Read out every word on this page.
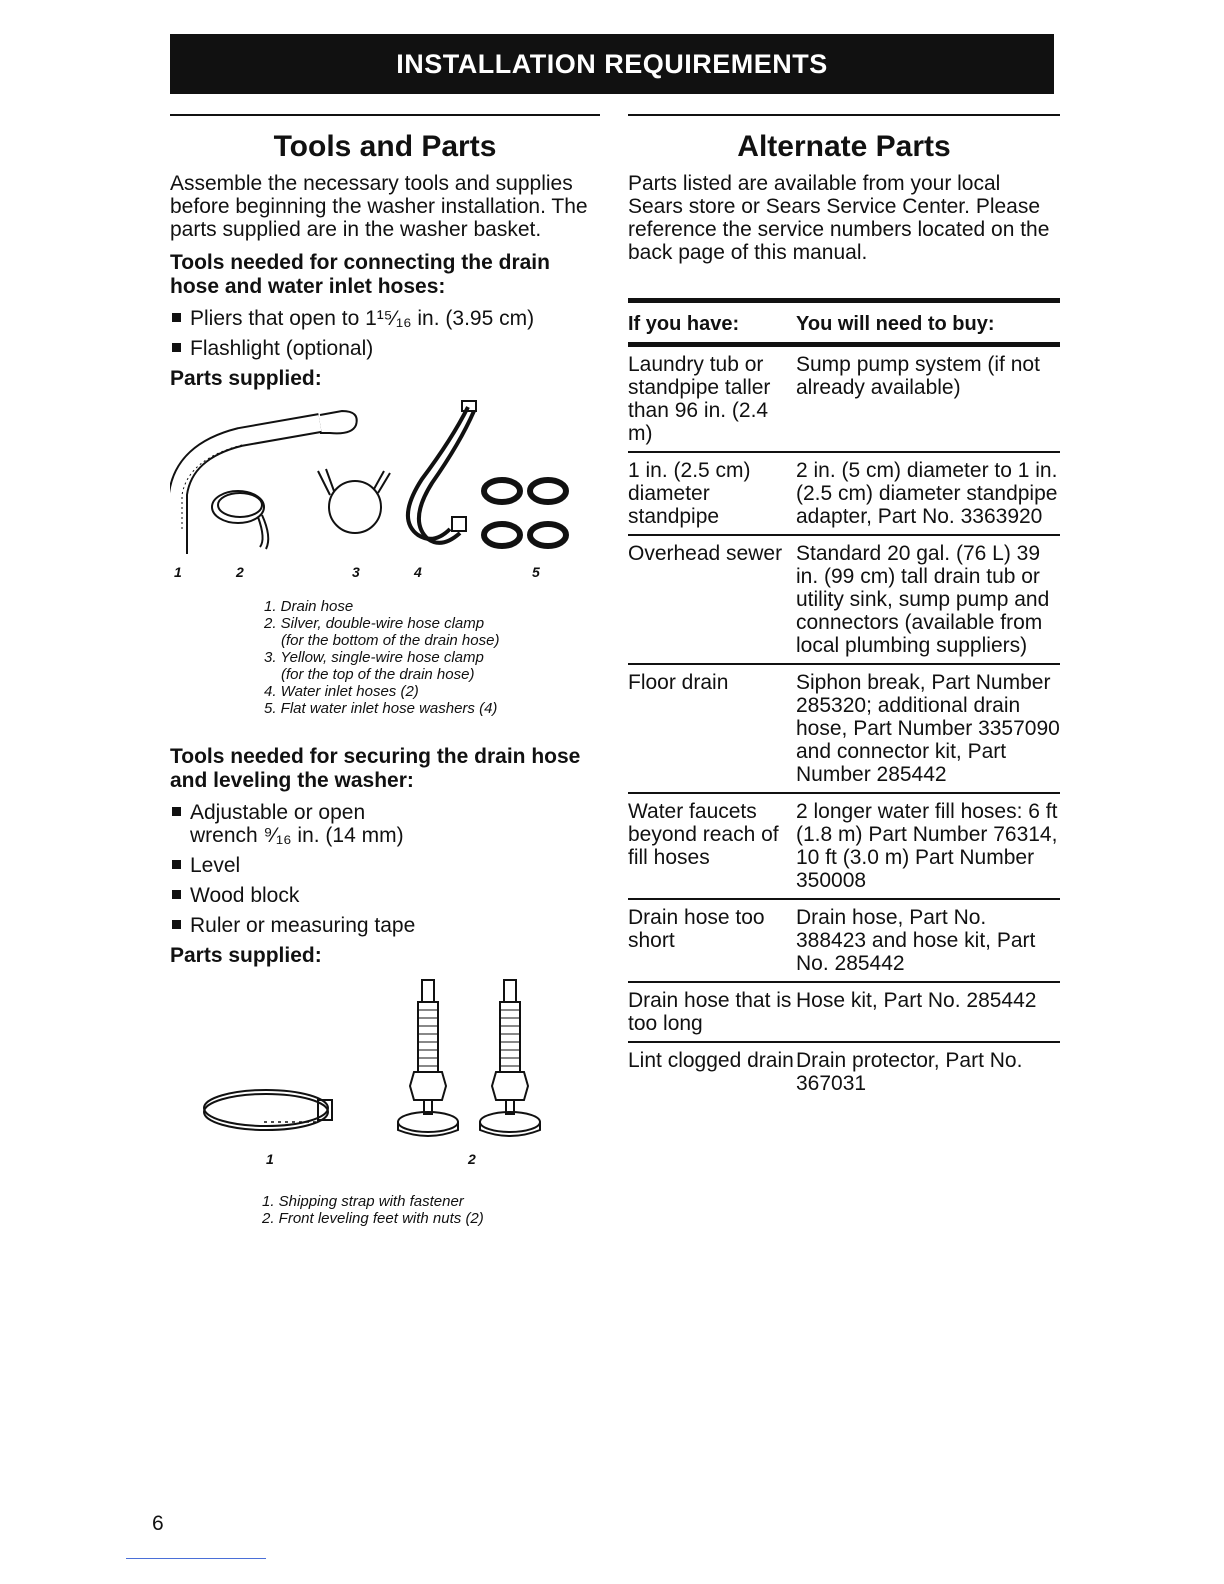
INSTALLATION REQUIREMENTS
Tools and Parts

Assemble the necessary tools and supplies before beginning the washer installation. The parts supplied are in the washer basket.

Tools needed for connecting the drain hose and water inlet hoses:
Pliers that open to 1¹⁵⁄₁₆ in. (3.95 cm)
Flashlight (optional)
Parts supplied:
1	2	3	4	5
1. Drain hose
2. Silver, double-wire hose clamp
(for the bottom of the drain hose)
3. Yellow, single-wire hose clamp
(for the top of the drain hose)
4. Water inlet hoses (2)
5. Flat water inlet hose washers (4)
Tools needed for securing the drain hose and leveling the washer:
Adjustable or open wrench ⁹⁄₁₆ in. (14 mm)
Level
Wood block
Ruler or measuring tape
Parts supplied:
1	2
1. Shipping strap with fastener
2. Front leveling feet with nuts (2)
Alternate Parts

Parts listed are available from your local Sears store or Sears Service Center. Please reference the service numbers located on the back page of this manual.

If you have:	You will need to buy:
Laundry tub or standpipe taller than 96 in. (2.4 m)	Sump pump system (if not already available)
1 in. (2.5 cm) diameter standpipe	2 in. (5 cm) diameter to 1 in. (2.5 cm) diameter standpipe adapter, Part No. 3363920
Overhead sewer	Standard 20 gal. (76 L) 39 in. (99 cm) tall drain tub or utility sink, sump pump and connectors (available from local plumbing suppliers)
Floor drain	Siphon break, Part Number 285320; additional drain hose, Part Number 3357090 and connector kit, Part Number 285442
Water faucets beyond reach of fill hoses	2 longer water fill hoses: 6 ft (1.8 m) Part Number 76314, 10 ft (3.0 m) Part Number 350008
Drain hose too short	Drain hose, Part No. 388423 and hose kit, Part No. 285442
Drain hose that is too long	Hose kit, Part No. 285442
Lint clogged drain	Drain protector, Part No. 367031
6
